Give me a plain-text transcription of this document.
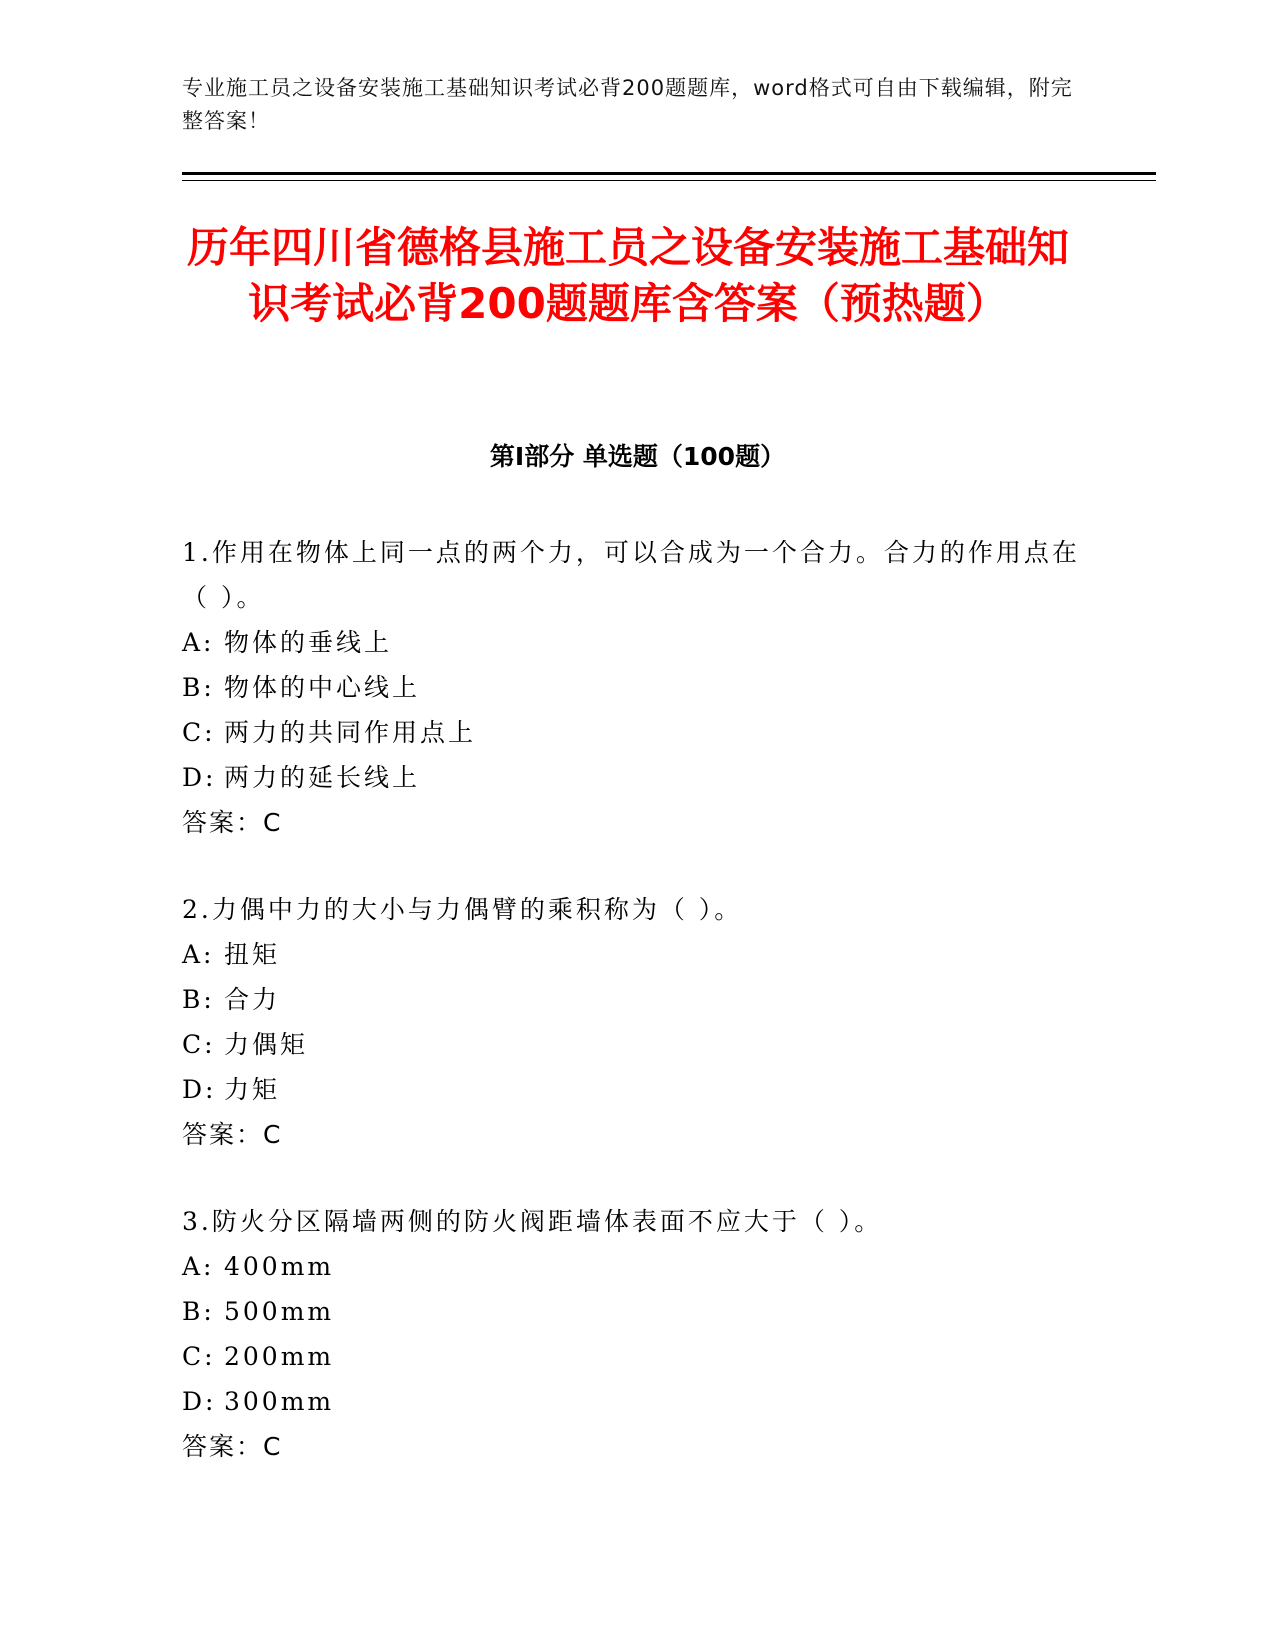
专业施工员之设备安装施工基础知识考试必背200题题库，word格式可自由下载编辑，附完整答案！
历年四川省德格县施工员之设备安装施工基础知识考试必背200题题库含答案（预热题）
第I部分 单选题（100题）
1.作用在物体上同一点的两个力，可以合成为一个合力。合力的作用点在（ ）。
A: 物体的垂线上
B: 物体的中心线上
C: 两力的共同作用点上
D: 两力的延长线上
答案：C
2.力偶中力的大小与力偶臂的乘积称为（ ）。
A: 扭矩
B: 合力
C: 力偶矩
D: 力矩
答案：C
3.防火分区隔墙两侧的防火阀距墙体表面不应大于（ ）。
A: 400mm
B: 500mm
C: 200mm
D: 300mm
答案：C
